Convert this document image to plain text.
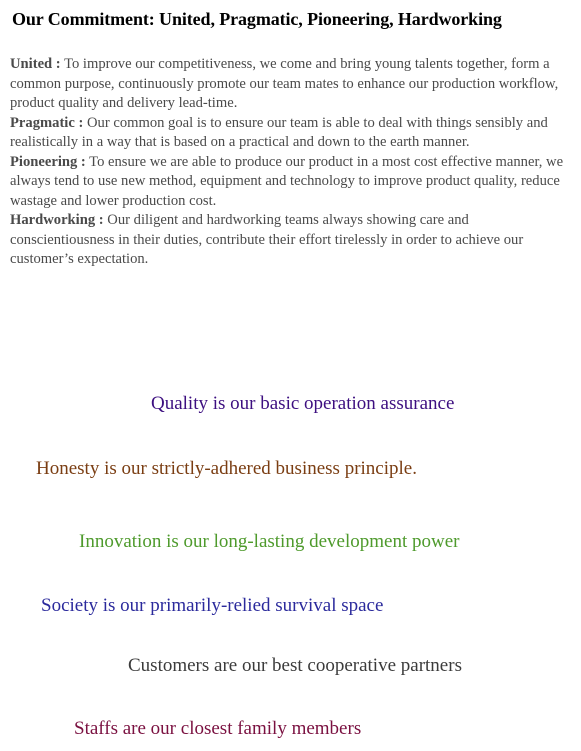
Our Commitment: United, Pragmatic, Pioneering, Hardworking

United : To improve our competitiveness, we come and bring young talents together, form a common purpose, continuously promote our team mates to enhance our production workflow, product quality and delivery lead-time.

Pragmatic : Our common goal is to ensure our team is able to deal with things sensibly and realistically in a way that is based on a practical and down to the earth manner.

Pioneering : To ensure we are able to produce our product in a most cost effective manner, we always tend to use new method, equipment and technology to improve product quality, reduce wastage and lower production cost.

Hardworking : Our diligent and hardworking teams always showing care and conscientiousness in their duties, contribute their effort tirelessly in order to achieve our customer’s expectation.

Quality is our basic operation assurance

Honesty is our strictly-adhered business principle.

Innovation is our long-lasting development power

Society is our primarily-relied survival space

Customers are our best cooperative partners

Staffs are our closest family members
